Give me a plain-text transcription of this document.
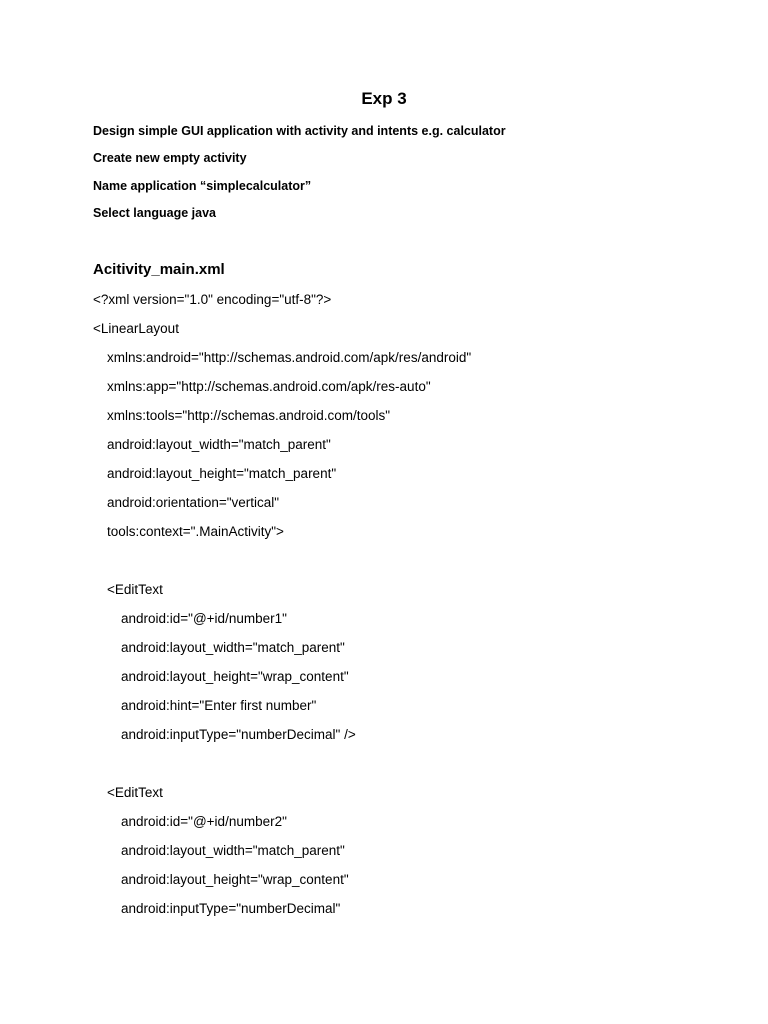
Exp 3
Design simple GUI application with activity and intents e.g. calculator
Create new empty activity
Name application “simplecalculator”
Select language java
Acitivity_main.xml
<?xml version="1.0" encoding="utf-8"?>
<LinearLayout
xmlns:android="http://schemas.android.com/apk/res/android"
xmlns:app="http://schemas.android.com/apk/res-auto"
xmlns:tools="http://schemas.android.com/tools"
android:layout_width="match_parent"
android:layout_height="match_parent"
android:orientation="vertical"
tools:context=".MainActivity">
<EditText
android:id="@+id/number1"
android:layout_width="match_parent"
android:layout_height="wrap_content"
android:hint="Enter first number"
android:inputType="numberDecimal" />
<EditText
android:id="@+id/number2"
android:layout_width="match_parent"
android:layout_height="wrap_content"
android:inputType="numberDecimal"
